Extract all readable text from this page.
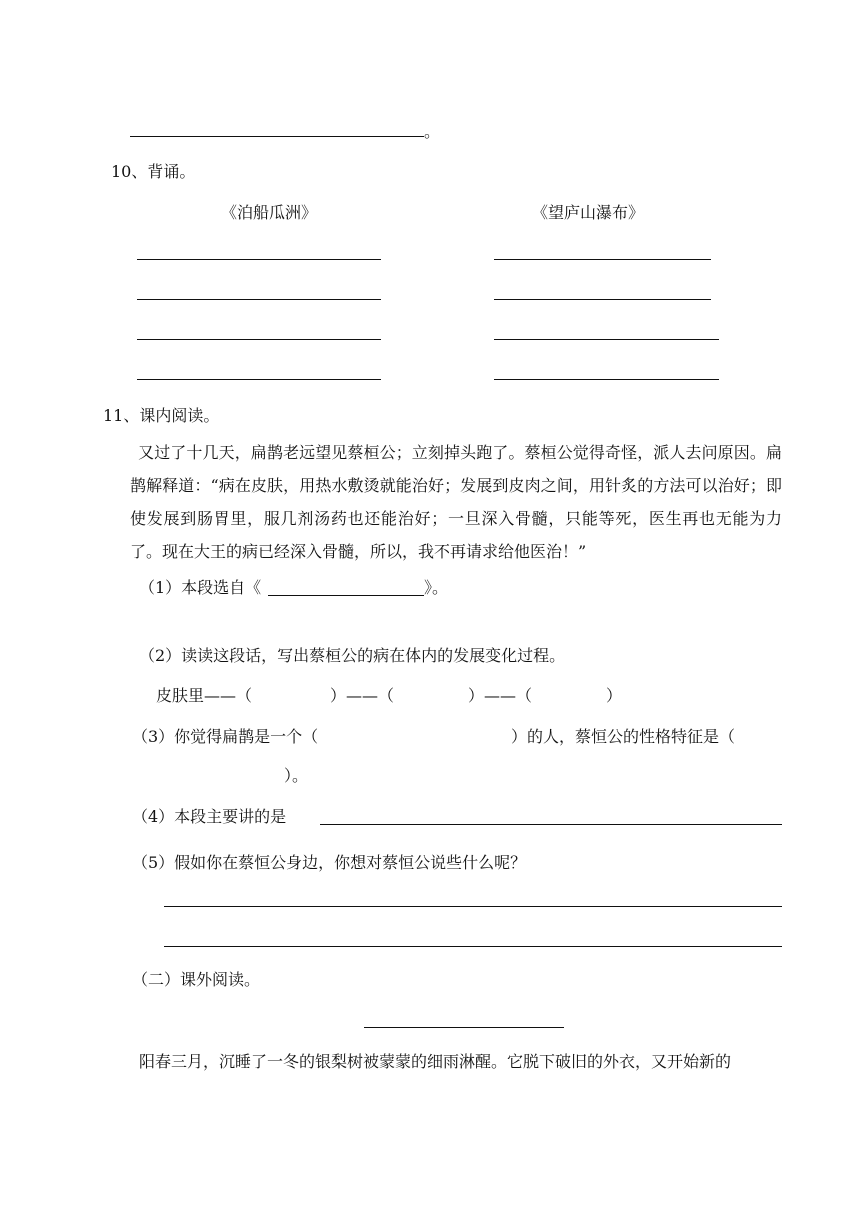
。
10、背诵。
《泊船瓜洲》	《望庐山瀑布》
11、课内阅读。
又过了十几天，扁鹊老远望见蔡桓公；立刻掉头跑了。蔡桓公觉得奇怪，派人去问原因。扁鹊解释道：“病在皮肤，用热水敷烫就能治好；发展到皮肉之间，用针炙的方法可以治好；即使发展到肠胃里，服几剂汤药也还能治好；一旦深入骨髓，只能等死，医生再也无能为力了。现在大王的病已经深入骨髓，所以，我不再请求给他医治！”
（1）本段选自《	》。
（2）读读这段话，写出蔡桓公的病在体内的发展变化过程。
皮肤里——（	）——（	）——（	）
（3）你觉得扁鹊是一个（	）的人，蔡恒公的性格特征是（
）。
（4）本段主要讲的是
（5）假如你在蔡恒公身边，你想对蔡恒公说些什么呢？
（二）课外阅读。
阳春三月，沉睡了一冬的银梨树被蒙蒙的细雨淋醒。它脱下破旧的外衣，又开始新的
